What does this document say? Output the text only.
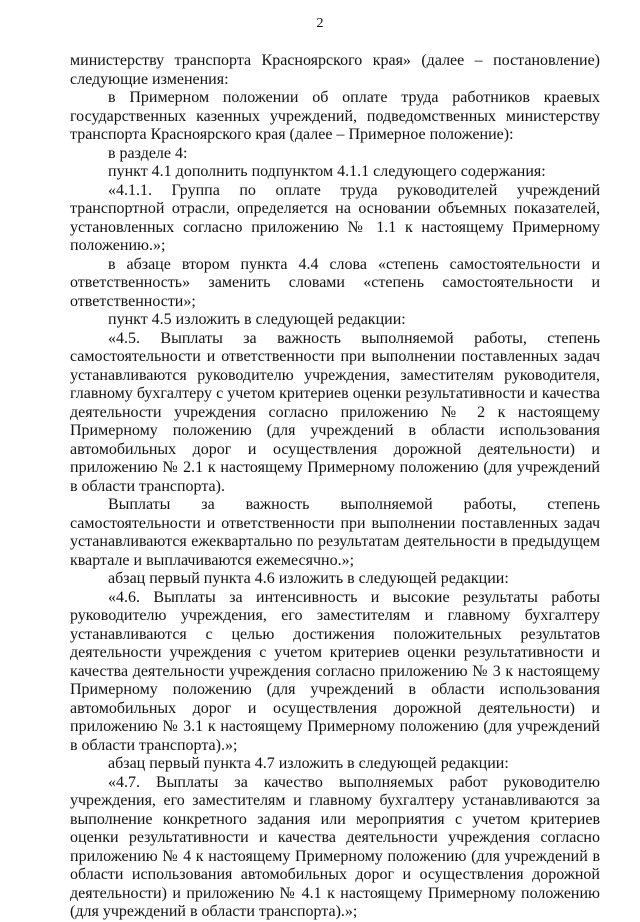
2

министерству транспорта Красноярского края» (далее – постановление) следующие изменения:

в Примерном положении об оплате труда работников краевых государственных казенных учреждений, подведомственных министерству транспорта Красноярского края (далее – Примерное положение):

в разделе 4:

пункт 4.1 дополнить подпунктом 4.1.1 следующего содержания:

«4.1.1. Группа по оплате труда руководителей учреждений транспортной отрасли, определяется на основании объемных показателей, установленных согласно приложению № 1.1 к настоящему Примерному положению.»;

в абзаце втором пункта 4.4 слова «степень самостоятельности и ответственность» заменить словами «степень самостоятельности и ответственности»;

пункт 4.5 изложить в следующей редакции:

«4.5. Выплаты за важность выполняемой работы, степень самостоятельности и ответственности при выполнении поставленных задач устанавливаются руководителю учреждения, заместителям руководителя, главному бухгалтеру с учетом критериев оценки результативности и качества деятельности учреждения согласно приложению № 2 к настоящему Примерному положению (для учреждений в области использования автомобильных дорог и осуществления дорожной деятельности) и приложению № 2.1 к настоящему Примерному положению (для учреждений в области транспорта).

Выплаты за важность выполняемой работы, степень самостоятельности и ответственности при выполнении поставленных задач устанавливаются ежеквартально по результатам деятельности в предыдущем квартале и выплачиваются ежемесячно.»;

абзац первый пункта 4.6 изложить в следующей редакции:

«4.6. Выплаты за интенсивность и высокие результаты работы руководителю учреждения, его заместителям и главному бухгалтеру устанавливаются с целью достижения положительных результатов деятельности учреждения с учетом критериев оценки результативности и качества деятельности учреждения согласно приложению № 3 к настоящему Примерному положению (для учреждений в области использования автомобильных дорог и осуществления дорожной деятельности) и приложению № 3.1 к настоящему Примерному положению (для учреждений в области транспорта).»;

абзац первый пункта 4.7 изложить в следующей редакции:

«4.7. Выплаты за качество выполняемых работ руководителю учреждения, его заместителям и главному бухгалтеру устанавливаются за выполнение конкретного задания или мероприятия с учетом критериев оценки результативности и качества деятельности учреждения согласно приложению № 4 к настоящему Примерному положению (для учреждений в области использования автомобильных дорог и осуществления дорожной деятельности) и приложению № 4.1 к настоящему Примерному положению (для учреждений в области транспорта).»;
